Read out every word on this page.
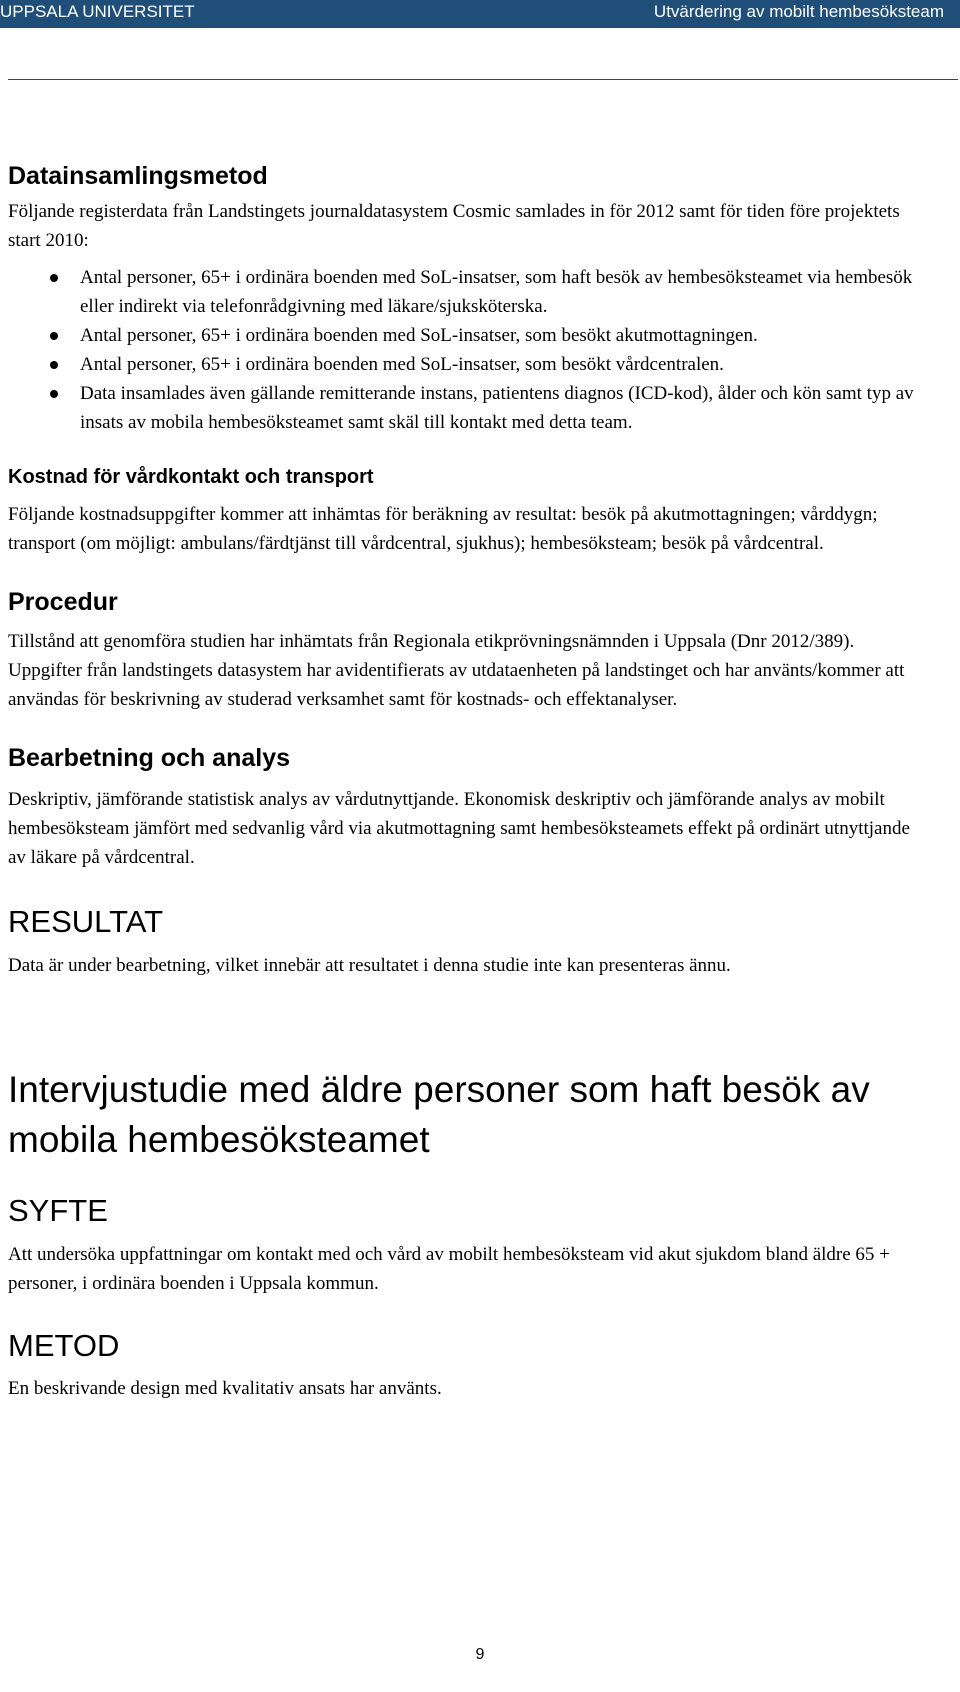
UPPSALA UNIVERSITET	Utvärdering av mobilt hembesöksteam
Datainsamlingsmetod

Följande registerdata från Landstingets journaldatasystem Cosmic samlades in för 2012 samt för tiden före projektets start 2010:

Antal personer, 65+ i ordinära boenden med SoL-insatser, som haft besök av hembesöksteamet via hembesök eller indirekt via telefonrådgivning med läkare/sjuksköterska.
Antal personer, 65+ i ordinära boenden med SoL-insatser, som besökt akutmottagningen.
Antal personer, 65+ i ordinära boenden med SoL-insatser, som besökt vårdcentralen.
Data insamlades även gällande remitterande instans, patientens diagnos (ICD-kod), ålder och kön samt typ av insats av mobila hembesöksteamet samt skäl till kontakt med detta team.
Kostnad för vårdkontakt och transport

Följande kostnadsuppgifter kommer att inhämtas för beräkning av resultat: besök på akutmottagningen; vårddygn; transport (om möjligt: ambulans/färdtjänst till vårdcentral, sjukhus); hembesöksteam; besök på vårdcentral.

Procedur

Tillstånd att genomföra studien har inhämtats från Regionala etikprövningsnämnden i Uppsala (Dnr 2012/389). Uppgifter från landstingets datasystem har avidentifierats av utdataenheten på landstinget och har använts/kommer att användas för beskrivning av studerad verksamhet samt för kostnads- och effektanalyser.

Bearbetning och analys

Deskriptiv, jämförande statistisk analys av vårdutnyttjande. Ekonomisk deskriptiv och jämförande analys av mobilt hembesöksteam jämfört med sedvanlig vård via akutmottagning samt hembesöksteamets effekt på ordinärt utnyttjande av läkare på vårdcentral.

RESULTAT

Data är under bearbetning, vilket innebär att resultatet i denna studie inte kan presenteras ännu.

Intervjustudie med äldre personer som haft besök av mobila hembesöksteamet
SYFTE

Att undersöka uppfattningar om kontakt med och vård av mobilt hembesöksteam vid akut sjukdom bland äldre 65 + personer, i ordinära boenden i Uppsala kommun.

METOD

En beskrivande design med kvalitativ ansats har använts.

9
